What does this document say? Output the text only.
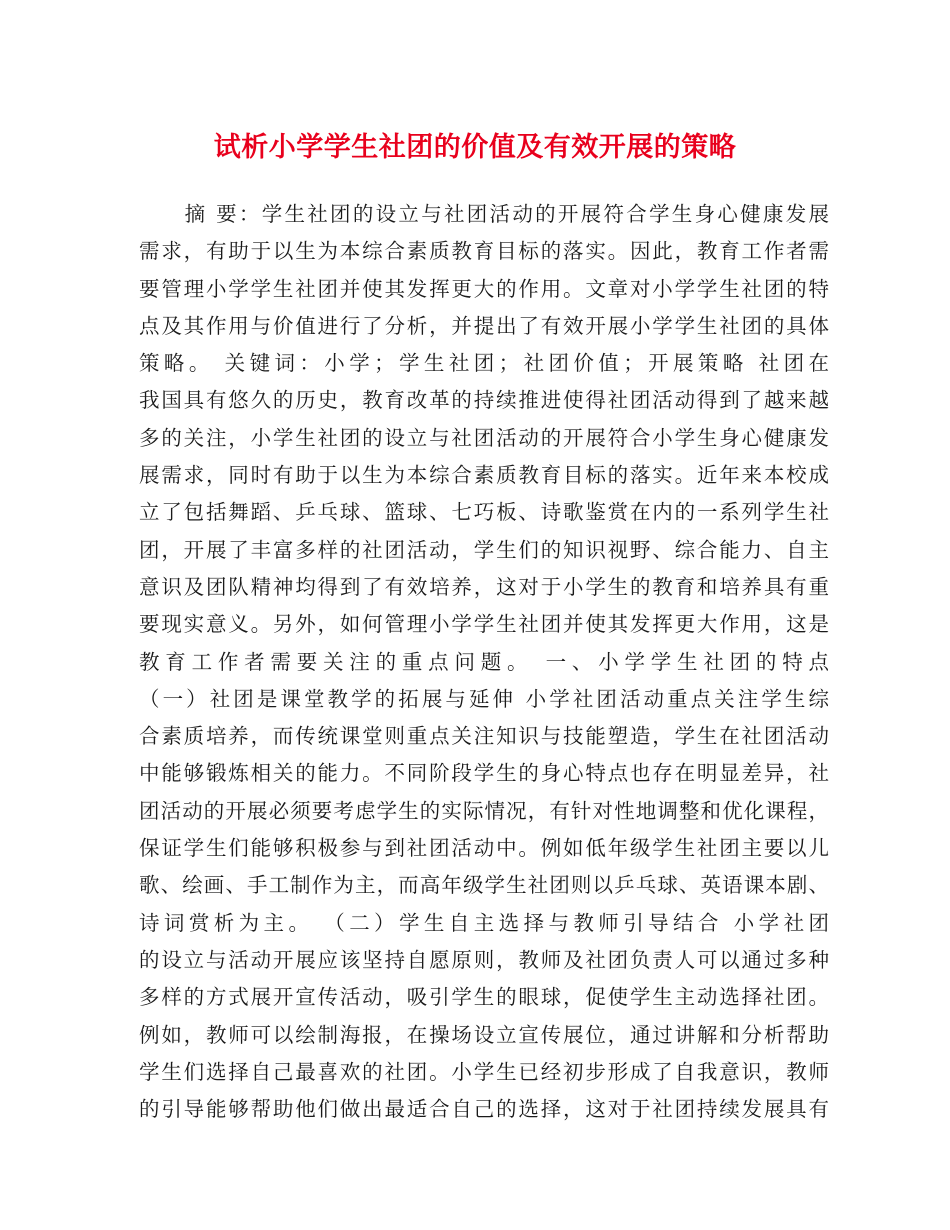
试析小学学生社团的价值及有效开展的策略
　　摘 要：学生社团的设立与社团活动的开展符合学生身心健康发展
需求，有助于以生为本综合素质教育目标的落实。因此，教育工作者需
要管理小学学生社团并使其发挥更大的作用。文章对小学学生社团的特
点及其作用与价值进行了分析，并提出了有效开展小学学生社团的具体
策略。 关键词：小学；学生社团；社团价值；开展策略 社团在
我国具有悠久的历史，教育改革的持续推进使得社团活动得到了越来越
多的关注，小学生社团的设立与社团活动的开展符合小学生身心健康发
展需求，同时有助于以生为本综合素质教育目标的落实。近年来本校成
立了包括舞蹈、乒乓球、篮球、七巧板、诗歌鉴赏在内的一系列学生社
团，开展了丰富多样的社团活动，学生们的知识视野、综合能力、自主
意识及团队精神均得到了有效培养，这对于小学生的教育和培养具有重
要现实意义。另外，如何管理小学学生社团并使其发挥更大作用，这是
教育工作者需要关注的重点问题。 一、小学学生社团的特点
（一）社团是课堂教学的拓展与延伸 小学社团活动重点关注学生综
合素质培养，而传统课堂则重点关注知识与技能塑造，学生在社团活动
中能够锻炼相关的能力。不同阶段学生的身心特点也存在明显差异，社
团活动的开展必须要考虑学生的实际情况，有针对性地调整和优化课程，
保证学生们能够积极参与到社团活动中。例如低年级学生社团主要以儿
歌、绘画、手工制作为主，而高年级学生社团则以乒乓球、英语课本剧、
诗词赏析为主。 （二）学生自主选择与教师引导结合 小学社团
的设立与活动开展应该坚持自愿原则，教师及社团负责人可以通过多种
多样的方式展开宣传活动，吸引学生的眼球，促使学生主动选择社团。
例如，教师可以绘制海报，在操场设立宣传展位，通过讲解和分析帮助
学生们选择自己最喜欢的社团。小学生已经初步形成了自我意识，教师
的引导能够帮助他们做出最适合自己的选择，这对于社团持续发展具有
